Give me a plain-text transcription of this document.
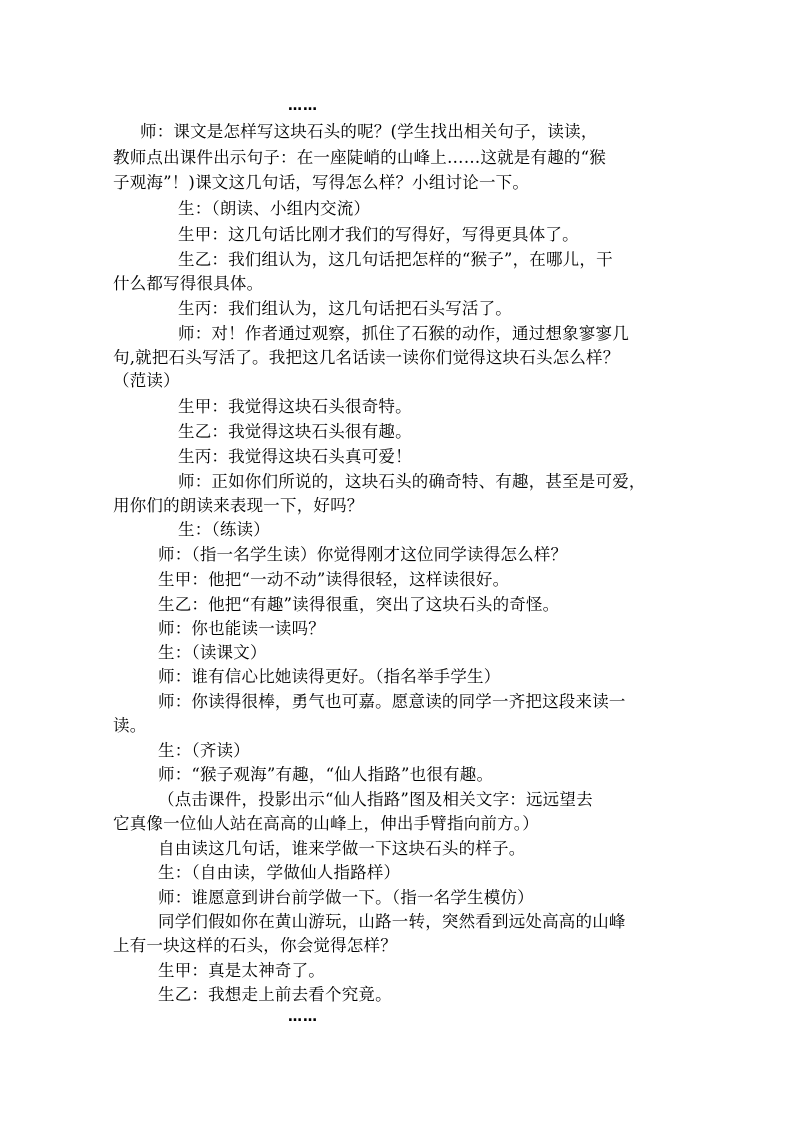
……
师：课文是怎样写这块石头的呢？(学生找出相关句子，读读，
教师点出课件出示句子：在一座陡峭的山峰上……这就是有趣的“猴
子观海”！)课文这几句话，写得怎么样？小组讨论一下。
生：（朗读、小组内交流）
生甲：这几句话比刚才我们的写得好，写得更具体了。
生乙：我们组认为，这几句话把怎样的“猴子”，在哪儿，干
什么都写得很具体。
生丙：我们组认为，这几句话把石头写活了。
师：对！作者通过观察，抓住了石猴的动作，通过想象寥寥几
句,就把石头写活了。我把这几名话读一读你们觉得这块石头怎么样？
（范读）
生甲：我觉得这块石头很奇特。
生乙：我觉得这块石头很有趣。
生丙：我觉得这块石头真可爱！
师：正如你们所说的，这块石头的确奇特、有趣，甚至是可爱，
用你们的朗读来表现一下，好吗？
生：（练读）
师：（指一名学生读）你觉得刚才这位同学读得怎么样？
生甲：他把“一动不动”读得很轻，这样读很好。
生乙：他把“有趣”读得很重，突出了这块石头的奇怪。
师：你也能读一读吗？
生：（读课文）
师：谁有信心比她读得更好。（指名举手学生）
师：你读得很棒，勇气也可嘉。愿意读的同学一齐把这段来读一
读。
生：（齐读）
师：“猴子观海”有趣，“仙人指路”也很有趣。
（点击课件，投影出示“仙人指路”图及相关文字：远远望去
它真像一位仙人站在高高的山峰上，伸出手臂指向前方。）
自由读这几句话，谁来学做一下这块石头的样子。
生：（自由读，学做仙人指路样）
师：谁愿意到讲台前学做一下。（指一名学生模仿）
同学们假如你在黄山游玩，山路一转，突然看到远处高高的山峰
上有一块这样的石头，你会觉得怎样？
生甲：真是太神奇了。
生乙：我想走上前去看个究竟。
……
